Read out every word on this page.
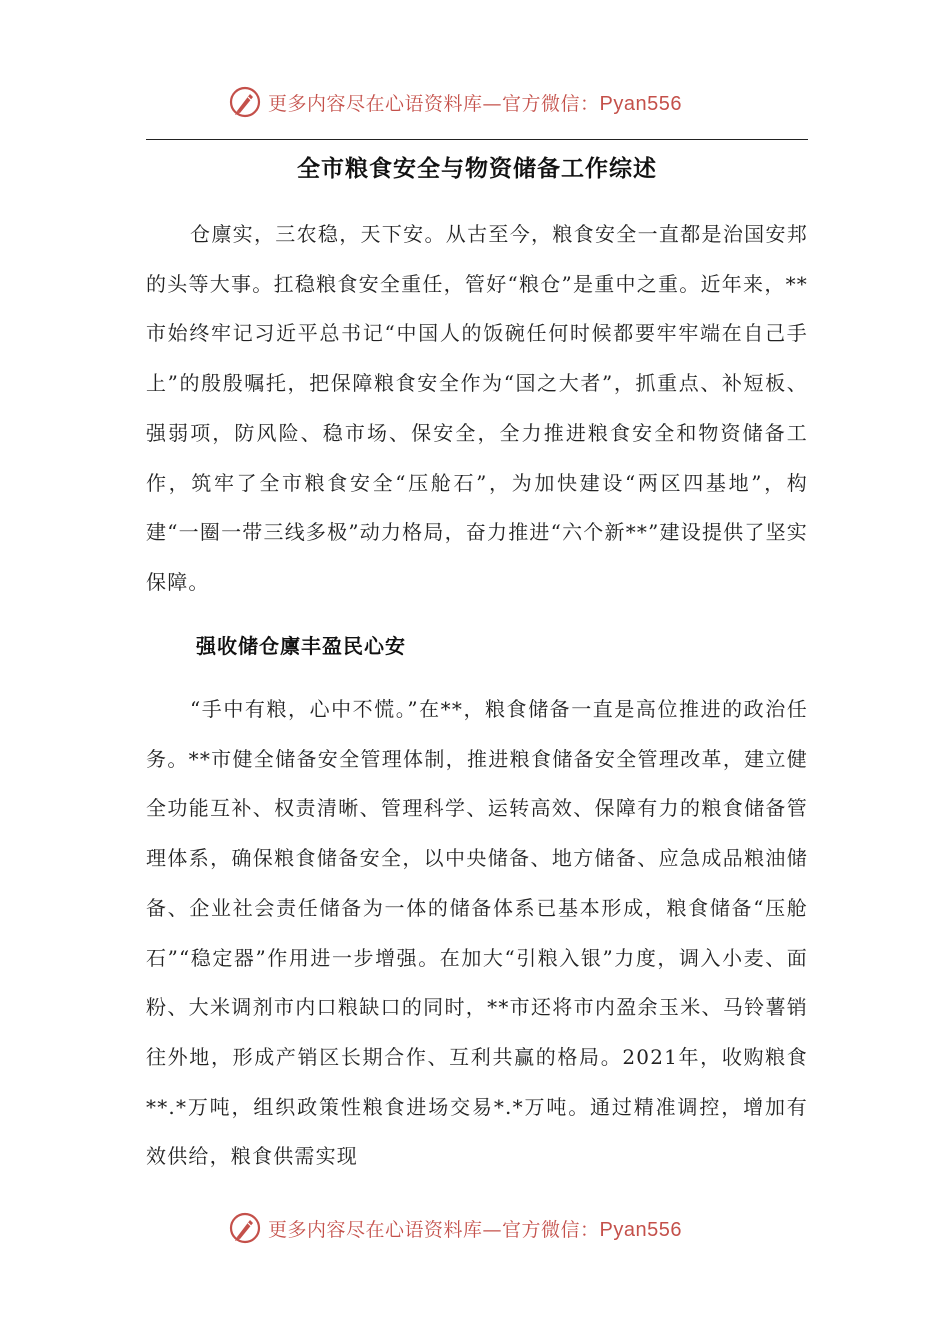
更多内容尽在心语资料库—官方微信：Pyan556
全市粮食安全与物资储备工作综述

仓廪实，三农稳，天下安。从古至今，粮食安全一直都是治国安邦的头等大事。扛稳粮食安全重任，管好“粮仓”是重中之重。近年来，**市始终牢记习近平总书记“中国人的饭碗任何时候都要牢牢端在自己手上”的殷殷嘱托，把保障粮食安全作为“国之大者”，抓重点、补短板、强弱项，防风险、稳市场、保安全，全力推进粮食安全和物资储备工作，筑牢了全市粮食安全“压舱石”，为加快建设“两区四基地”，构建“一圈一带三线多极”动力格局，奋力推进“六个新**”建设提供了坚实保障。

强收储仓廪丰盈民心安

“手中有粮，心中不慌。”在**，粮食储备一直是高位推进的政治任务。**市健全储备安全管理体制，推进粮食储备安全管理改革，建立健全功能互补、权责清晰、管理科学、运转高效、保障有力的粮食储备管理体系，确保粮食储备安全，以中央储备、地方储备、应急成品粮油储备、企业社会责任储备为一体的储备体系已基本形成，粮食储备“压舱石”“稳定器”作用进一步增强。在加大“引粮入银”力度，调入小麦、面粉、大米调剂市内口粮缺口的同时，**市还将市内盈余玉米、马铃薯销往外地，形成产销区长期合作、互利共赢的格局。2021年，收购粮食**.*万吨，组织政策性粮食进场交易*.*万吨。通过精准调控，增加有效供给，粮食供需实现

更多内容尽在心语资料库—官方微信：Pyan556
